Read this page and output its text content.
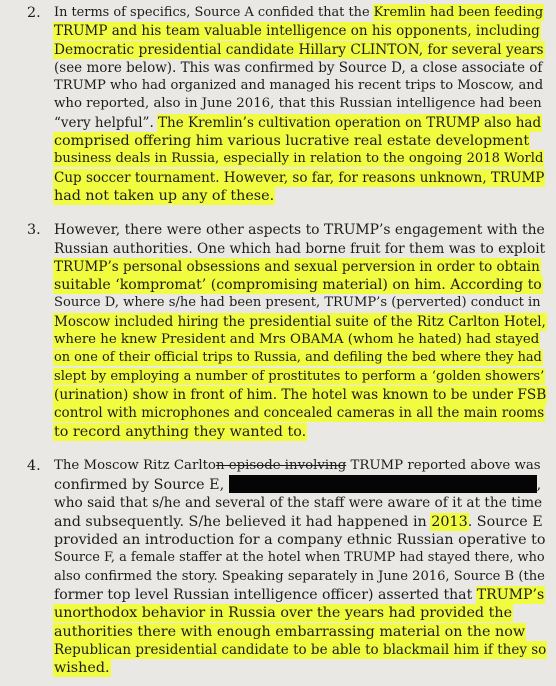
2. In terms of specifics, Source A confided that the Kremlin had been feeding
TRUMP and his team valuable intelligence on his opponents, including
Democratic presidential candidate Hillary CLINTON, for several years
(see more below). This was confirmed by Source D, a close associate of
TRUMP who had organized and managed his recent trips to Moscow, and
who reported, also in June 2016, that this Russian intelligence had been
“very helpful”. The Kremlin’s cultivation operation on TRUMP also had
comprised offering him various lucrative real estate development
business deals in Russia, especially in relation to the ongoing 2018 World
Cup soccer tournament. However, so far, for reasons unknown, TRUMP
had not taken up any of these.

3. However, there were other aspects to TRUMP’s engagement with the
Russian authorities. One which had borne fruit for them was to exploit
TRUMP’s personal obsessions and sexual perversion in order to obtain
suitable ‘kompromat’ (compromising material) on him. According to
Source D, where s/he had been present, TRUMP’s (perverted) conduct in
Moscow included hiring the presidential suite of the Ritz Carlton Hotel,
where he knew President and Mrs OBAMA (whom he hated) had stayed
on one of their official trips to Russia, and defiling the bed where they had
slept by employing a number of prostitutes to perform a ‘golden showers’
(urination) show in front of him. The hotel was known to be under FSB
control with microphones and concealed cameras in all the main rooms
to record anything they wanted to.

4. The Moscow Ritz Carlton episode involving TRUMP reported above was
confirmed by Source E,	,
who said that s/he and several of the staff were aware of it at the time
and subsequently. S/he believed it had happened in 2013. Source E
provided an introduction for a company ethnic Russian operative to
Source F, a female staffer at the hotel when TRUMP had stayed there, who
also confirmed the story. Speaking separately in June 2016, Source B (the
former top level Russian intelligence officer) asserted that TRUMP’s
unorthodox behavior in Russia over the years had provided the
authorities there with enough embarrassing material on the now
Republican presidential candidate to be able to blackmail him if they so
wished.
